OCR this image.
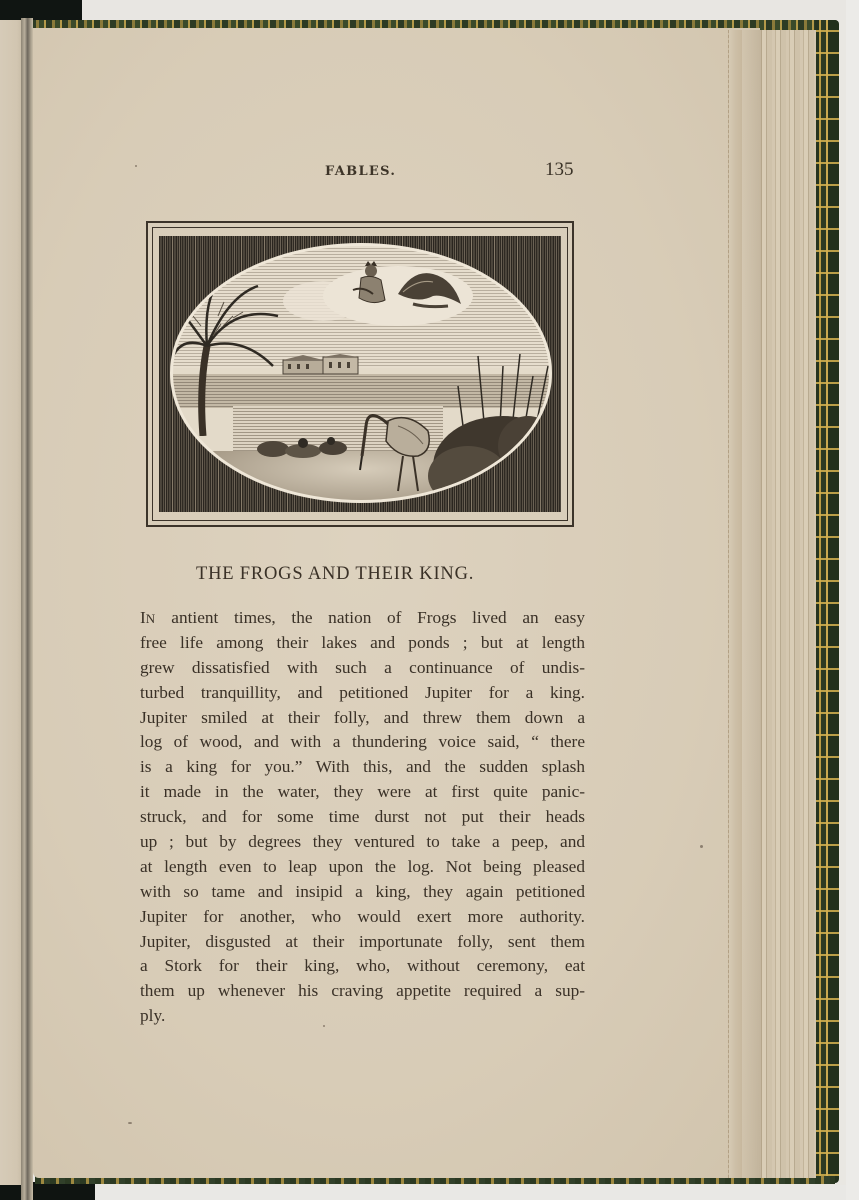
FABLES.	135
THE FROGS AND THEIR KING.
IN antient times, the nation of Frogs lived an easy
free life among their lakes and ponds ; but at length
grew dissatisfied with such a continuance of undis-
turbed tranquillity, and petitioned Jupiter for a king.
Jupiter smiled at their folly, and threw them down a
log of wood, and with a thundering voice said, “ there
is a king for you.” With this, and the sudden splash
it made in the water, they were at first quite panic-
struck, and for some time durst not put their heads
up ; but by degrees they ventured to take a peep, and
at length even to leap upon the log. Not being pleased
with so tame and insipid a king, they again petitioned
Jupiter for another, who would exert more authority.
Jupiter, disgusted at their importunate folly, sent them
a Stork for their king, who, without ceremony, eat
them up whenever his craving appetite required a sup-
ply.
